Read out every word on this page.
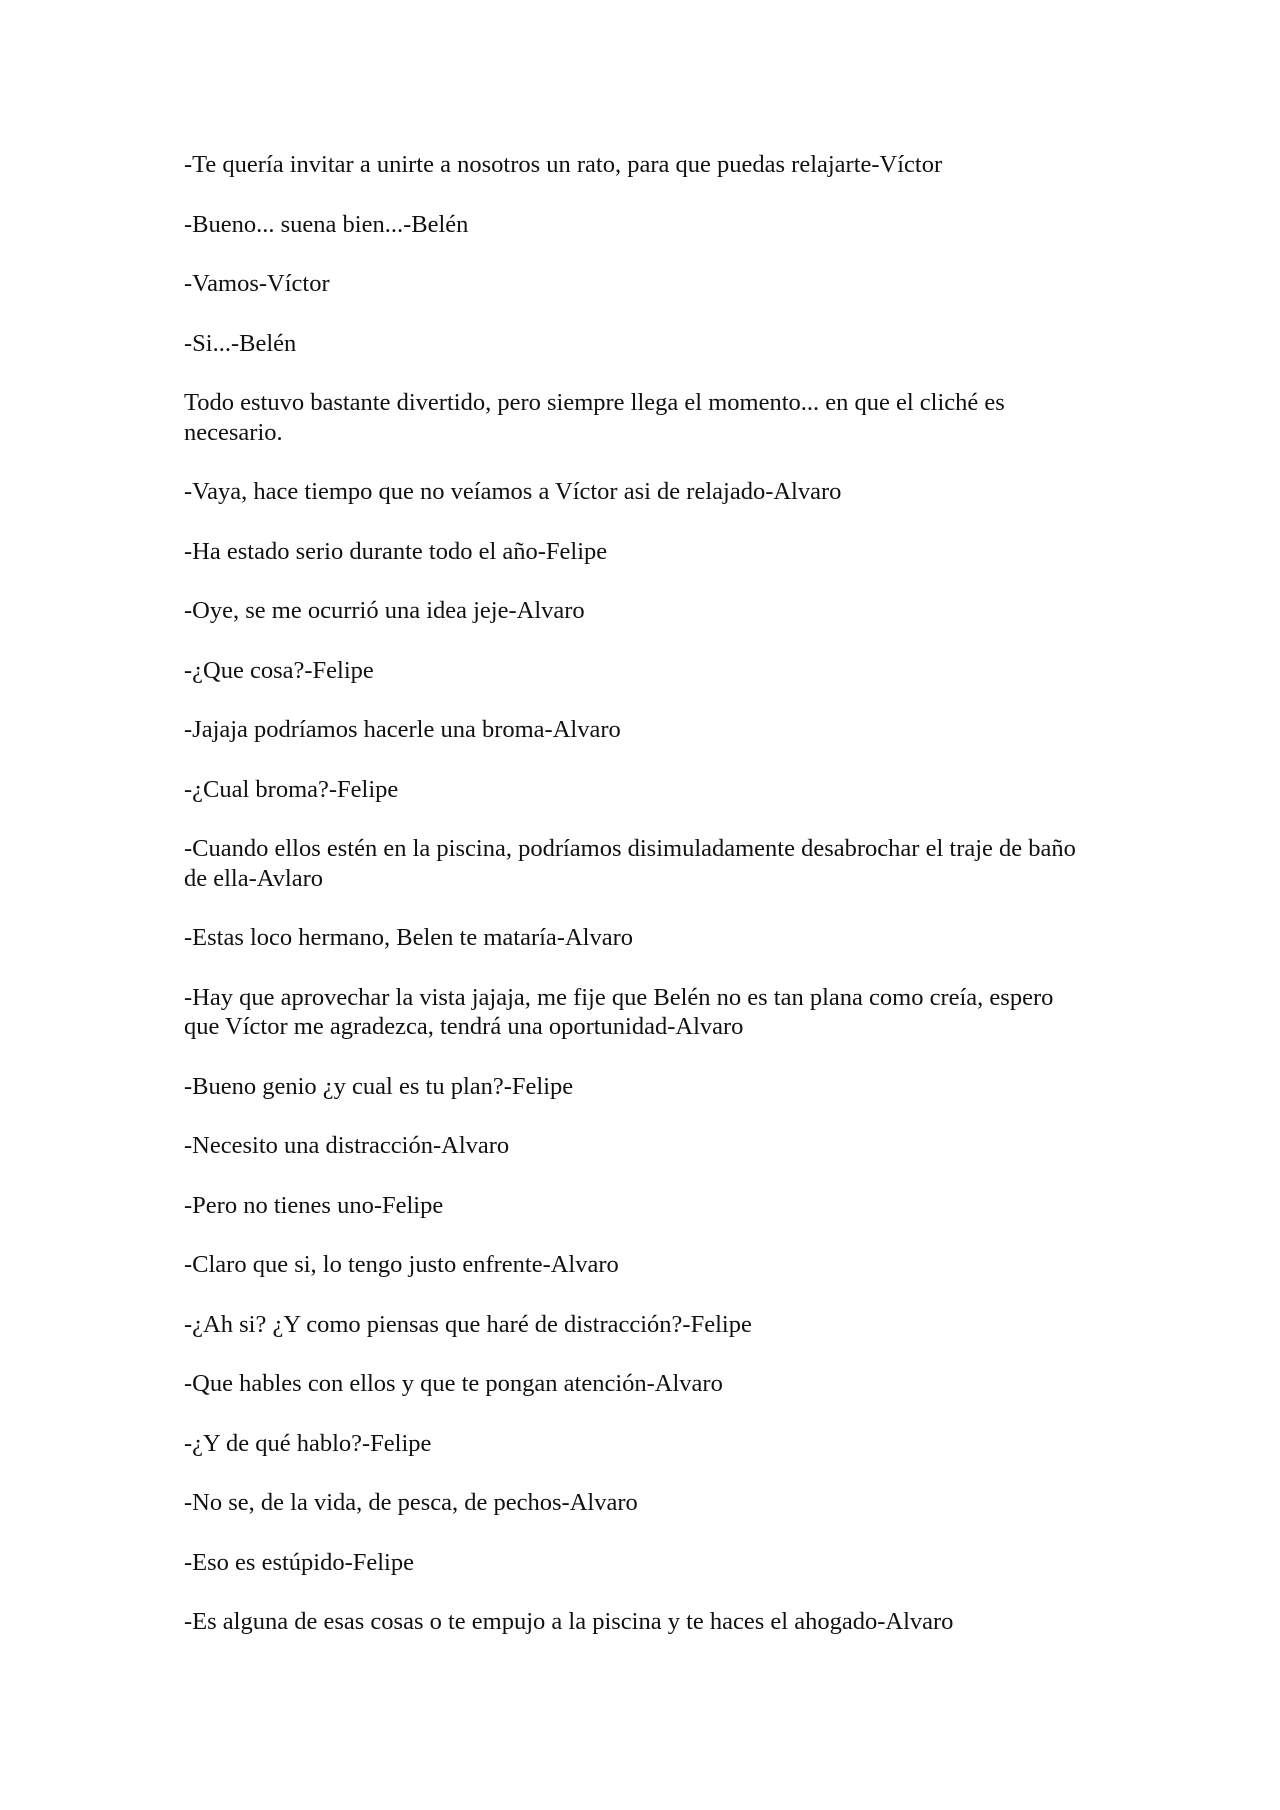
-Te quería invitar a unirte a nosotros un rato, para que puedas relajarte-Víctor

-Bueno... suena bien...-Belén

-Vamos-Víctor

-Si...-Belén

Todo estuvo bastante divertido, pero siempre llega el momento... en que el cliché es necesario.

-Vaya, hace tiempo que no veíamos a Víctor asi de relajado-Alvaro

-Ha estado serio durante todo el año-Felipe

-Oye, se me ocurrió una idea jeje-Alvaro

-¿Que cosa?-Felipe

-Jajaja podríamos hacerle una broma-Alvaro

-¿Cual broma?-Felipe

-Cuando ellos estén en la piscina, podríamos disimuladamente desabrochar el traje de baño de ella-Avlaro

-Estas loco hermano, Belen te mataría-Alvaro

-Hay que aprovechar la vista jajaja, me fije que Belén no es tan plana como creía, espero que Víctor me agradezca, tendrá una oportunidad-Alvaro

-Bueno genio ¿y cual es tu plan?-Felipe

-Necesito una distracción-Alvaro

-Pero no tienes uno-Felipe

-Claro que si, lo tengo justo enfrente-Alvaro

-¿Ah si? ¿Y como piensas que haré de distracción?-Felipe

-Que hables con ellos y que te pongan atención-Alvaro

-¿Y de qué hablo?-Felipe

-No se, de la vida, de pesca, de pechos-Alvaro

-Eso es estúpido-Felipe

-Es alguna de esas cosas o te empujo a la piscina y te haces el ahogado-Alvaro
